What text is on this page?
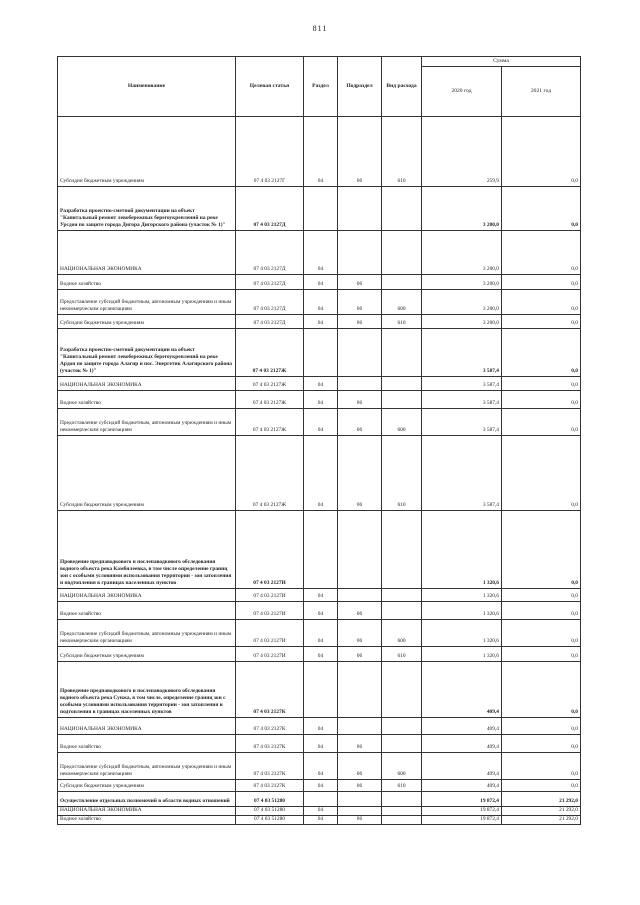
811
Наименование	Целевая статья	Раздел	Подраздел	Вид расхода	Сумма	
					2020 год	2021 год
Субсидии бюджетным учреждениям	07 4 03 2127Г	04	06	610	259,9	0,0
Разработка проектно-сметной документации на объект "Капитальный ремонт левобережных берегоукреплений на реке Урсдон по защите города Дигора Дигорского района (участок № 1)"	07 4 03 2127Д				3 200,0	0,0
НАЦИОНАЛЬНАЯ ЭКОНОМИКА	07 4 03 2127Д	04			3 200,0	0,0
Водное хозяйство	07 4 03 2127Д	04	06		3 200,0	0,0
Предоставление субсидий бюджетным, автономным учреждениям и иным некоммерческим организациям	07 4 03 2127Д	04	06	600	3 200,0	0,0
Субсидии бюджетным учреждениям	07 4 03 2127Д	04	06	610	3 200,0	0,0
Разработка проектно-сметной документации на объект "Капитальный ремонт левобережных берегоукреплений на реке Ардон по защите города Алагир и пос. Энергетик Алагирского района (участок № 1)"	07 4 03 2127Ж				3 587,4	0,0
НАЦИОНАЛЬНАЯ ЭКОНОМИКА	07 4 03 2127Ж	04			3 587,4	0,0
Водное хозяйство	07 4 03 2127Ж	04	06		3 587,4	0,0
Предоставление субсидий бюджетным, автономным учреждениям и иным некоммерческим организациям	07 4 03 2127Ж	04	06	600	3 587,4	0,0
Субсидии бюджетным учреждениям	07 4 03 2127Ж	04	06	610	3 587,4	0,0
Проведение предпаводкового и послепаводкового обследования водного объекта река Камбилеевка, в том числе определение границ зон с особыми условиями использования территории - зон затопления и подтопления в границах населенных пунктов	07 4 03 2127И				1 320,6	0,0
НАЦИОНАЛЬНАЯ ЭКОНОМИКА	07 4 03 2127И	04			1 320,6	0,0
Водное хозяйство	07 4 03 2127И	04	06		1 320,6	0,0
Предоставление субсидий бюджетным, автономным учреждениям и иным некоммерческим организациям	07 4 03 2127И	04	06	600	1 320,6	0,0
Субсидии бюджетным учреждениям	07 4 03 2127И	04	06	610	1 320,6	0,0
Проведение предпаводкового и послепаводкового обследования водного объекта река Сунжа, в том числе, определение границ зон с особыми условиями использования территории - зон затопления и подтопления в границах населенных пунктов	07 4 03 2127К				409,4	0,0
НАЦИОНАЛЬНАЯ ЭКОНОМИКА	07 4 03 2127К	04			409,4	0,0
Водное хозяйство	07 4 03 2127К	04	06		409,4	0,0
Предоставление субсидий бюджетным, автономным учреждениям и иным некоммерческим организациям	07 4 03 2127К	04	06	600	409,4	0,0
Субсидии бюджетным учреждениям	07 4 03 2127К	04	06	610	409,4	0,0
Осуществление отдельных полномочий в области водных отношений	07 4 03 51280				19 872,4	21 292,0
НАЦИОНАЛЬНАЯ ЭКОНОМИКА	07 4 03 51280	04			19 872,4	21 292,0
Водное хозяйство	07 4 03 51280	04	06		19 872,4	21 292,0
